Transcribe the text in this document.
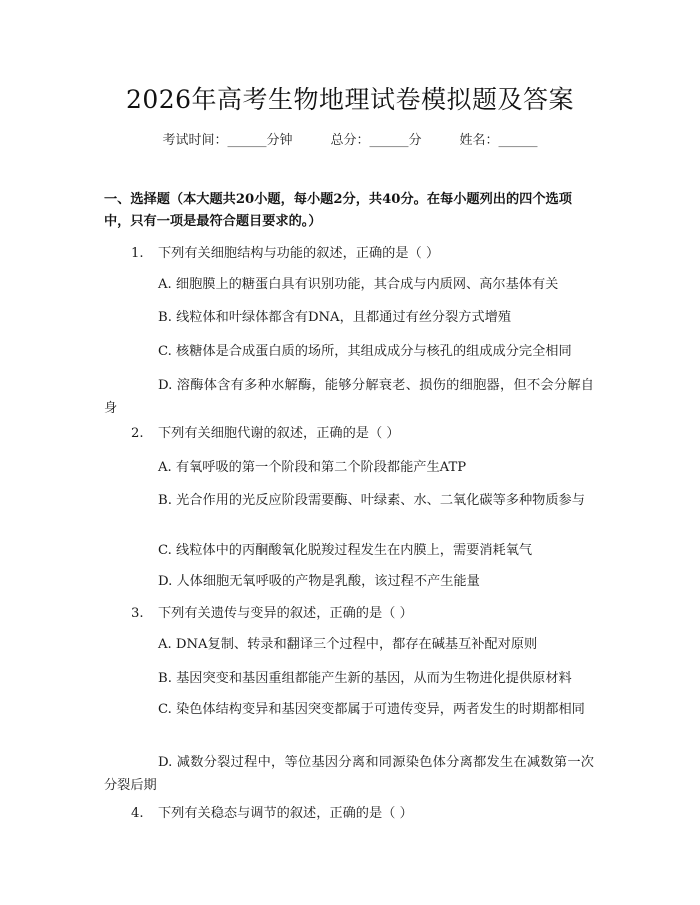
2026年高考生物地理试卷模拟题及答案
考试时间：______分钟	总分：______分	姓名：______
一、选择题（本大题共20小题，每小题2分，共40分。在每小题列出的四个选项中，只有一项是最符合题目要求的。）
1. 下列有关细胞结构与功能的叙述，正确的是（ ）
A. 细胞膜上的糖蛋白具有识别功能，其合成与内质网、高尔基体有关
B. 线粒体和叶绿体都含有DNA，且都通过有丝分裂方式增殖
C. 核糖体是合成蛋白质的场所，其组成成分与核孔的组成成分完全相同
D. 溶酶体含有多种水解酶，能够分解衰老、损伤的细胞器，但不会分解自身
2. 下列有关细胞代谢的叙述，正确的是（ ）
A. 有氧呼吸的第一个阶段和第二个阶段都能产生ATP
B. 光合作用的光反应阶段需要酶、叶绿素、水、二氧化碳等多种物质参与
C. 线粒体中的丙酮酸氧化脱羧过程发生在内膜上，需要消耗氧气
D. 人体细胞无氧呼吸的产物是乳酸，该过程不产生能量
3. 下列有关遗传与变异的叙述，正确的是（ ）
A. DNA复制、转录和翻译三个过程中，都存在碱基互补配对原则
B. 基因突变和基因重组都能产生新的基因，从而为生物进化提供原材料
C. 染色体结构变异和基因突变都属于可遗传变异，两者发生的时期都相同
D. 减数分裂过程中，等位基因分离和同源染色体分离都发生在减数第一次分裂后期
4. 下列有关稳态与调节的叙述，正确的是（ ）
